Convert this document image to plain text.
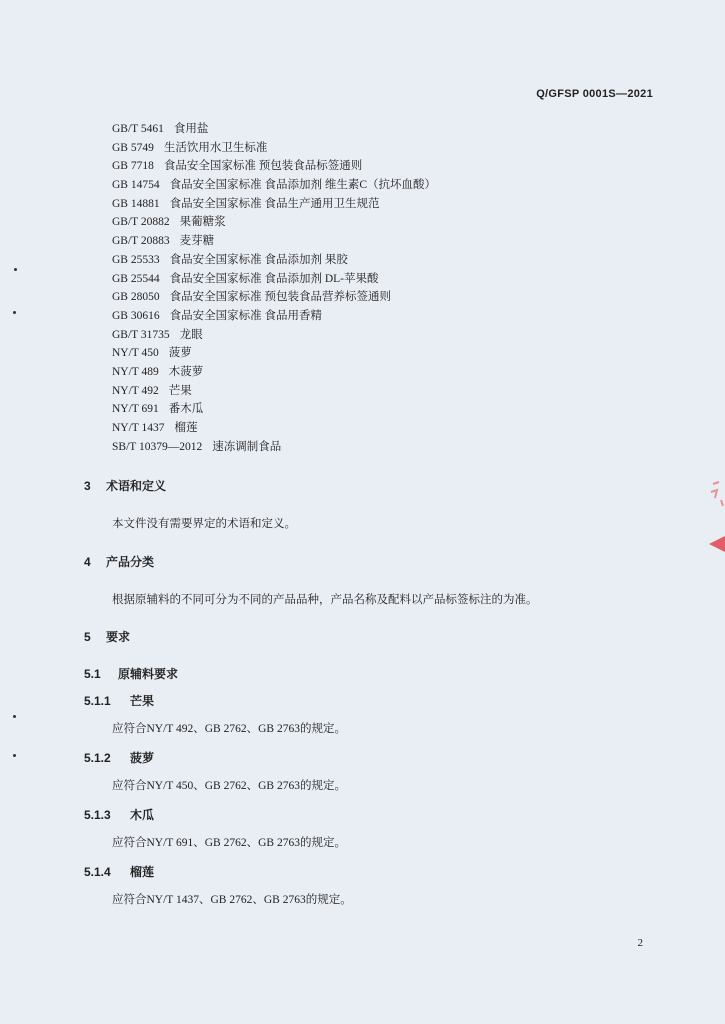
Q/GFSP 0001S—2021
GB/T 5461 食用盐
GB 5749 生活饮用水卫生标准
GB 7718 食品安全国家标准 预包装食品标签通则
GB 14754 食品安全国家标准 食品添加剂 维生素C（抗坏血酸）
GB 14881 食品安全国家标准 食品生产通用卫生规范
GB/T 20882 果葡糖浆
GB/T 20883 麦芽糖
GB 25533 食品安全国家标准 食品添加剂 果胶
GB 25544 食品安全国家标准 食品添加剂 DL-苹果酸
GB 28050 食品安全国家标准 预包装食品营养标签通则
GB 30616 食品安全国家标准 食品用香精
GB/T 31735 龙眼
NY/T 450 菠萝
NY/T 489 木菠萝
NY/T 492 芒果
NY/T 691 番木瓜
NY/T 1437 榴莲
SB/T 10379—2012 速冻调制食品
3 术语和定义
本文件没有需要界定的术语和定义。
4 产品分类
根据原辅料的不同可分为不同的产品品种，产品名称及配料以产品标签标注的为准。
5 要求
5.1 原辅料要求
5.1.1 芒果
应符合NY/T 492、GB 2762、GB 2763的规定。
5.1.2 菠萝
应符合NY/T 450、GB 2762、GB 2763的规定。
5.1.3 木瓜
应符合NY/T 691、GB 2762、GB 2763的规定。
5.1.4 榴莲
应符合NY/T 1437、GB 2762、GB 2763的规定。
2
